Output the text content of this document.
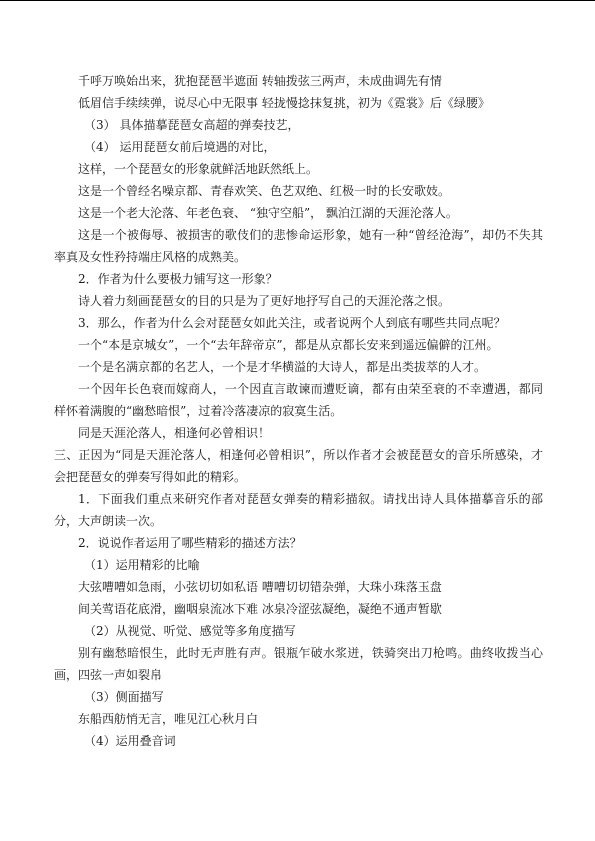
千呼万唤始出来，犹抱琵琶半遮面 转轴拨弦三两声，未成曲调先有情
低眉信手续续弹，说尽心中无限事 轻拢慢捻抹复挑，初为《霓裳》后《绿腰》
（3） 具体描摹琵琶女高超的弹奏技艺，
（4） 运用琵琶女前后境遇的对比，
这样，一个琵琶女的形象就鲜活地跃然纸上。
这是一个曾经名噪京都、青春欢笑、色艺双绝、红极一时的长安歌妓。
这是一个老大沦落、年老色衰、 “独守空船”， 飘泊江湖的天涯沦落人。
这是一个被侮辱、被损害的歌伎们的悲惨命运形象，她有一种“曾经沧海”，却仍不失其率真及女性矜持端庄风格的成熟美。
2．作者为什么要极力铺写这一形象？
诗人着力刻画琵琶女的目的只是为了更好地抒写自己的天涯沦落之恨。
3．那么，作者为什么会对琵琶女如此关注，或者说两个人到底有哪些共同点呢？
一个“本是京城女”，一个“去年辞帝京”，都是从京都长安来到遥远偏僻的江州。
一个是名满京都的名艺人，一个是才华横溢的大诗人，都是出类拔萃的人才。
一个因年长色衰而嫁商人，一个因直言敢谏而遭贬谪，都有由荣至衰的不幸遭遇，都同样怀着满腹的“幽愁暗恨”，过着冷落凄凉的寂寞生活。
同是天涯沦落人，相逢何必曾相识！
三、正因为“同是天涯沦落人，相逢何必曾相识”，所以作者才会被琵琶女的音乐所感染，才会把琵琶女的弹奏写得如此的精彩。
1．下面我们重点来研究作者对琵琶女弹奏的精彩描叙。请找出诗人具体描摹音乐的部分，大声朗读一次。
2．说说作者运用了哪些精彩的描述方法？
（1）运用精彩的比喻
大弦嘈嘈如急雨，小弦切切如私语 嘈嘈切切错杂弹，大珠小珠落玉盘
间关莺语花底滑，幽咽泉流冰下难 冰泉冷涩弦凝绝，凝绝不通声暂歇
（2）从视觉、听觉、感觉等多角度描写
别有幽愁暗恨生，此时无声胜有声。银瓶乍破水浆迸，铁骑突出刀枪鸣。曲终收拨当心画，四弦一声如裂帛
（3）侧面描写
东船西舫悄无言，唯见江心秋月白
（4）运用叠音词
